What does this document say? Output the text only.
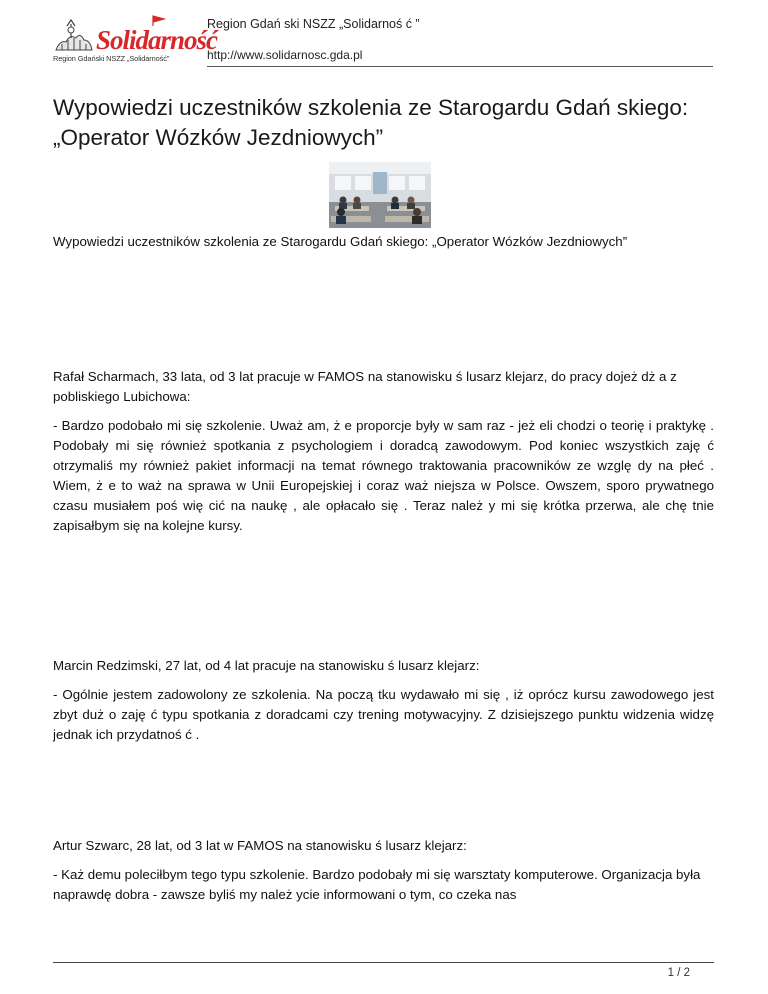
Solidarność
Region Gdański NSZZ „Solidarność”
Region Gdań ski NSZZ „Solidarnoś ć ”
http://www.solidarnosc.gda.pl
Wypowiedzi uczestników szkolenia ze Starogardu Gdań skiego: „Operator Wózków Jezdniowych”

Wypowiedzi uczestników szkolenia ze Starogardu Gdań skiego: „Operator Wózków Jezdniowych”

Rafał Scharmach, 33 lata, od 3 lat pracuje w FAMOS na stanowisku ś lusarz klejarz, do pracy dojeż dż a z pobliskiego Lubichowa:

- Bardzo podobało mi się szkolenie. Uważ am, ż e proporcje były w sam raz - jeż eli chodzi o teorię i praktykę . Podobały mi się również spotkania z psychologiem i doradcą zawodowym. Pod koniec wszystkich zaję ć otrzymaliś my również pakiet informacji na temat równego traktowania pracowników ze wzglę dy na płeć . Wiem, ż e to waż na sprawa w Unii Europejskiej i coraz waż niejsza w Polsce. Owszem, sporo prywatnego czasu musiałem poś wię cić na naukę , ale opłacało się . Teraz należ y mi się krótka przerwa, ale chę tnie zapisałbym się na kolejne kursy.

Marcin Redzimski, 27 lat, od 4 lat pracuje na stanowisku ś lusarz klejarz:

- Ogólnie jestem zadowolony ze szkolenia. Na począ tku wydawało mi się , iż oprócz kursu zawodowego jest zbyt duż o zaję ć typu spotkania z doradcami czy trening motywacyjny. Z dzisiejszego punktu widzenia widzę jednak ich przydatnoś ć .

Artur Szwarc, 28 lat, od 3 lat w FAMOS na stanowisku ś lusarz klejarz:

- Każ demu poleciłbym tego typu szkolenie. Bardzo podobały mi się warsztaty komputerowe. Organizacja była naprawdę dobra - zawsze byliś my należ ycie informowani o tym, co czeka nas

1 / 2
